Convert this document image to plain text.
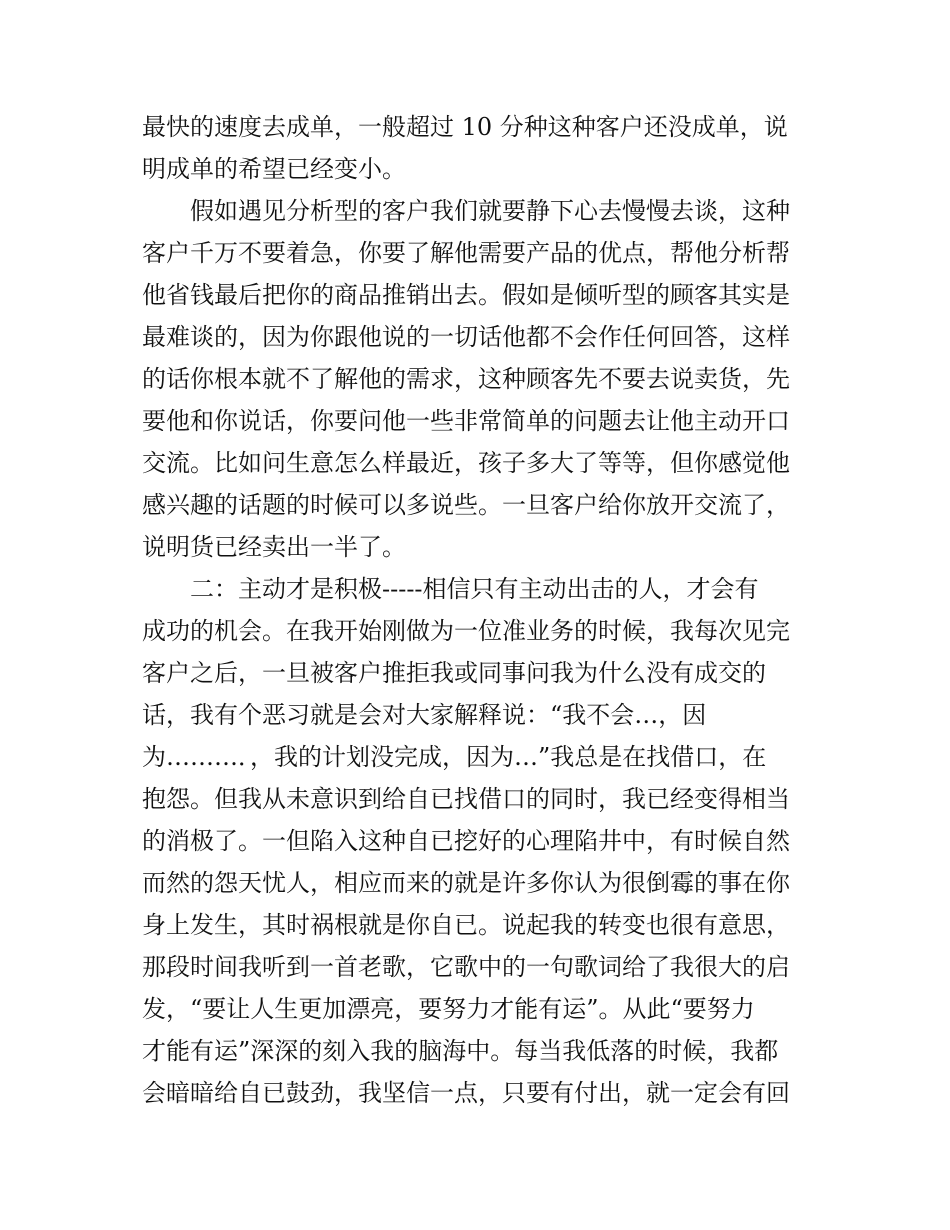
最快的速度去成单，一般超过 10 分种这种客户还没成单，说
明成单的希望已经变小。
　　假如遇见分析型的客户我们就要静下心去慢慢去谈，这种
客户千万不要着急，你要了解他需要产品的优点，帮他分析帮
他省钱最后把你的商品推销出去。假如是倾听型的顾客其实是
最难谈的，因为你跟他说的一切话他都不会作任何回答，这样
的话你根本就不了解他的需求，这种顾客先不要去说卖货，先
要他和你说话，你要问他一些非常简单的问题去让他主动开口
交流。比如问生意怎么样最近，孩子多大了等等，但你感觉他
感兴趣的话题的时候可以多说些。一旦客户给你放开交流了，
说明货已经卖出一半了。
　　二：主动才是积极-----相信只有主动出击的人，才会有
成功的机会。在我开始刚做为一位准业务的时候，我每次见完
客户之后，一旦被客户推拒我或同事问我为什么没有成交的
话，我有个恶习就是会对大家解释说：“我不会…，因
为………．，我的计划没完成，因为…”我总是在找借口，在
抱怨。但我从未意识到给自已找借口的同时，我已经变得相当
的消极了。一但陷入这种自已挖好的心理陷井中，有时候自然
而然的怨天忧人，相应而来的就是许多你认为很倒霉的事在你
身上发生，其时祸根就是你自已。说起我的转变也很有意思，
那段时间我听到一首老歌，它歌中的一句歌词给了我很大的启
发，“要让人生更加漂亮，要努力才能有运”。从此“要努力
才能有运”深深的刻入我的脑海中。每当我低落的时候，我都
会暗暗给自已鼓劲，我坚信一点，只要有付出，就一定会有回
